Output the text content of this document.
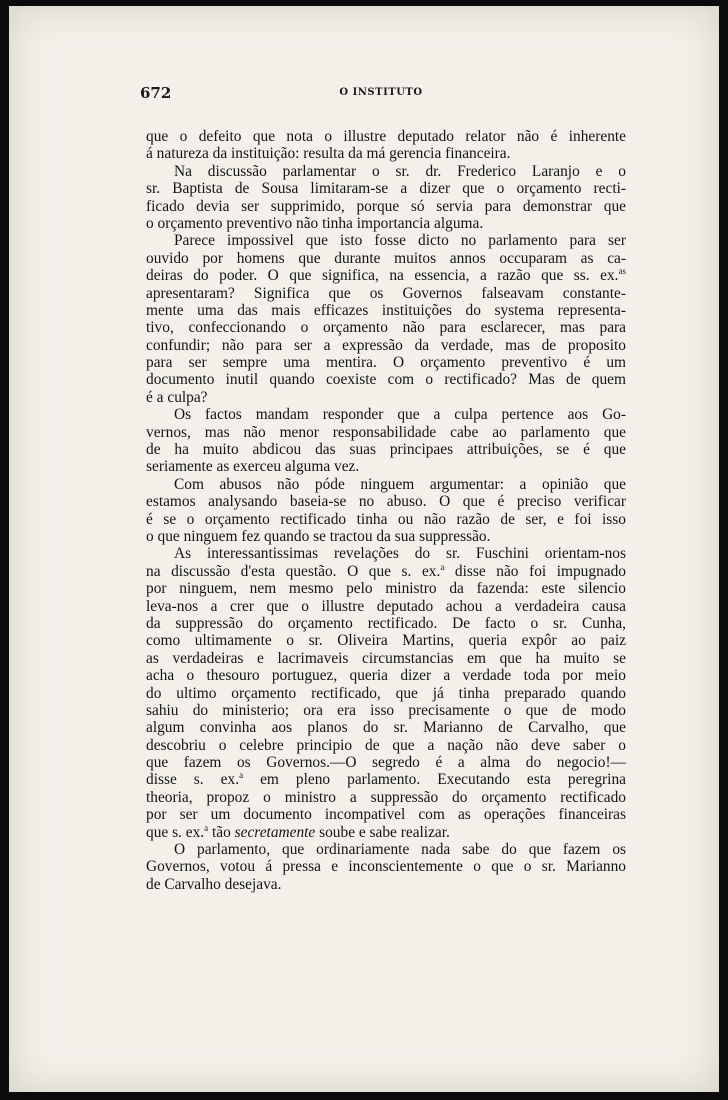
672	O INSTITUTO
que o defeito que nota o illustre deputado relator não é inherente
á natureza da instituição: resulta da má gerencia financeira.
Na discussão parlamentar o sr. dr. Frederico Laranjo e o
sr. Baptista de Sousa limitaram-se a dizer que o orçamento recti-
ficado devia ser supprimido, porque só servia para demonstrar que
o orçamento preventivo não tinha importancia alguma.
Parece impossivel que isto fosse dicto no parlamento para ser
ouvido por homens que durante muitos annos occuparam as ca-
deiras do poder. O que significa, na essencia, a razão que ss. ex.$^{as}$
apresentaram? Significa que os Governos falseavam constante-
mente uma das mais efficazes instituições do systema representa-
tivo, confeccionando o orçamento não para esclarecer, mas para
confundir; não para ser a expressão da verdade, mas de proposito
para ser sempre uma mentira. O orçamento preventivo é um
documento inutil quando coexiste com o rectificado? Mas de quem
é a culpa?
Os factos mandam responder que a culpa pertence aos Go-
vernos, mas não menor responsabilidade cabe ao parlamento que
de ha muito abdicou das suas principaes attribuições, se é que
seriamente as exerceu alguma vez.
Com abusos não póde ninguem argumentar: a opinião que
estamos analysando baseia-se no abuso. O que é preciso verificar
é se o orçamento rectificado tinha ou não razão de ser, e foi isso
o que ninguem fez quando se tractou da sua suppressão.
As interessantissimas revelações do sr. Fuschini orientam-nos
na discussão d'esta questão. O que s. ex.$^a$ disse não foi impugnado
por ninguem, nem mesmo pelo ministro da fazenda: este silencio
leva-nos a crer que o illustre deputado achou a verdadeira causa
da suppressão do orçamento rectificado. De facto o sr. Cunha,
como ultimamente o sr. Oliveira Martins, queria expôr ao paiz
as verdadeiras e lacrimaveis circumstancias em que ha muito se
acha o thesouro portuguez, queria dizer a verdade toda por meio
do ultimo orçamento rectificado, que já tinha preparado quando
sahiu do ministerio; ora era isso precisamente o que de modo
algum convinha aos planos do sr. Marianno de Carvalho, que
descobriu o celebre principio de que a nação não deve saber o
que fazem os Governos.—O segredo é a alma do negocio!—
disse s. ex.$^a$ em pleno parlamento. Executando esta peregrina
theoria, propoz o ministro a suppressão do orçamento rectificado
por ser um documento incompativel com as operações financeiras
que s. ex.$^a$ tão secretamente soube e sabe realizar.
O parlamento, que ordinariamente nada sabe do que fazem os
Governos, votou á pressa e inconscientemente o que o sr. Marianno
de Carvalho desejava.
